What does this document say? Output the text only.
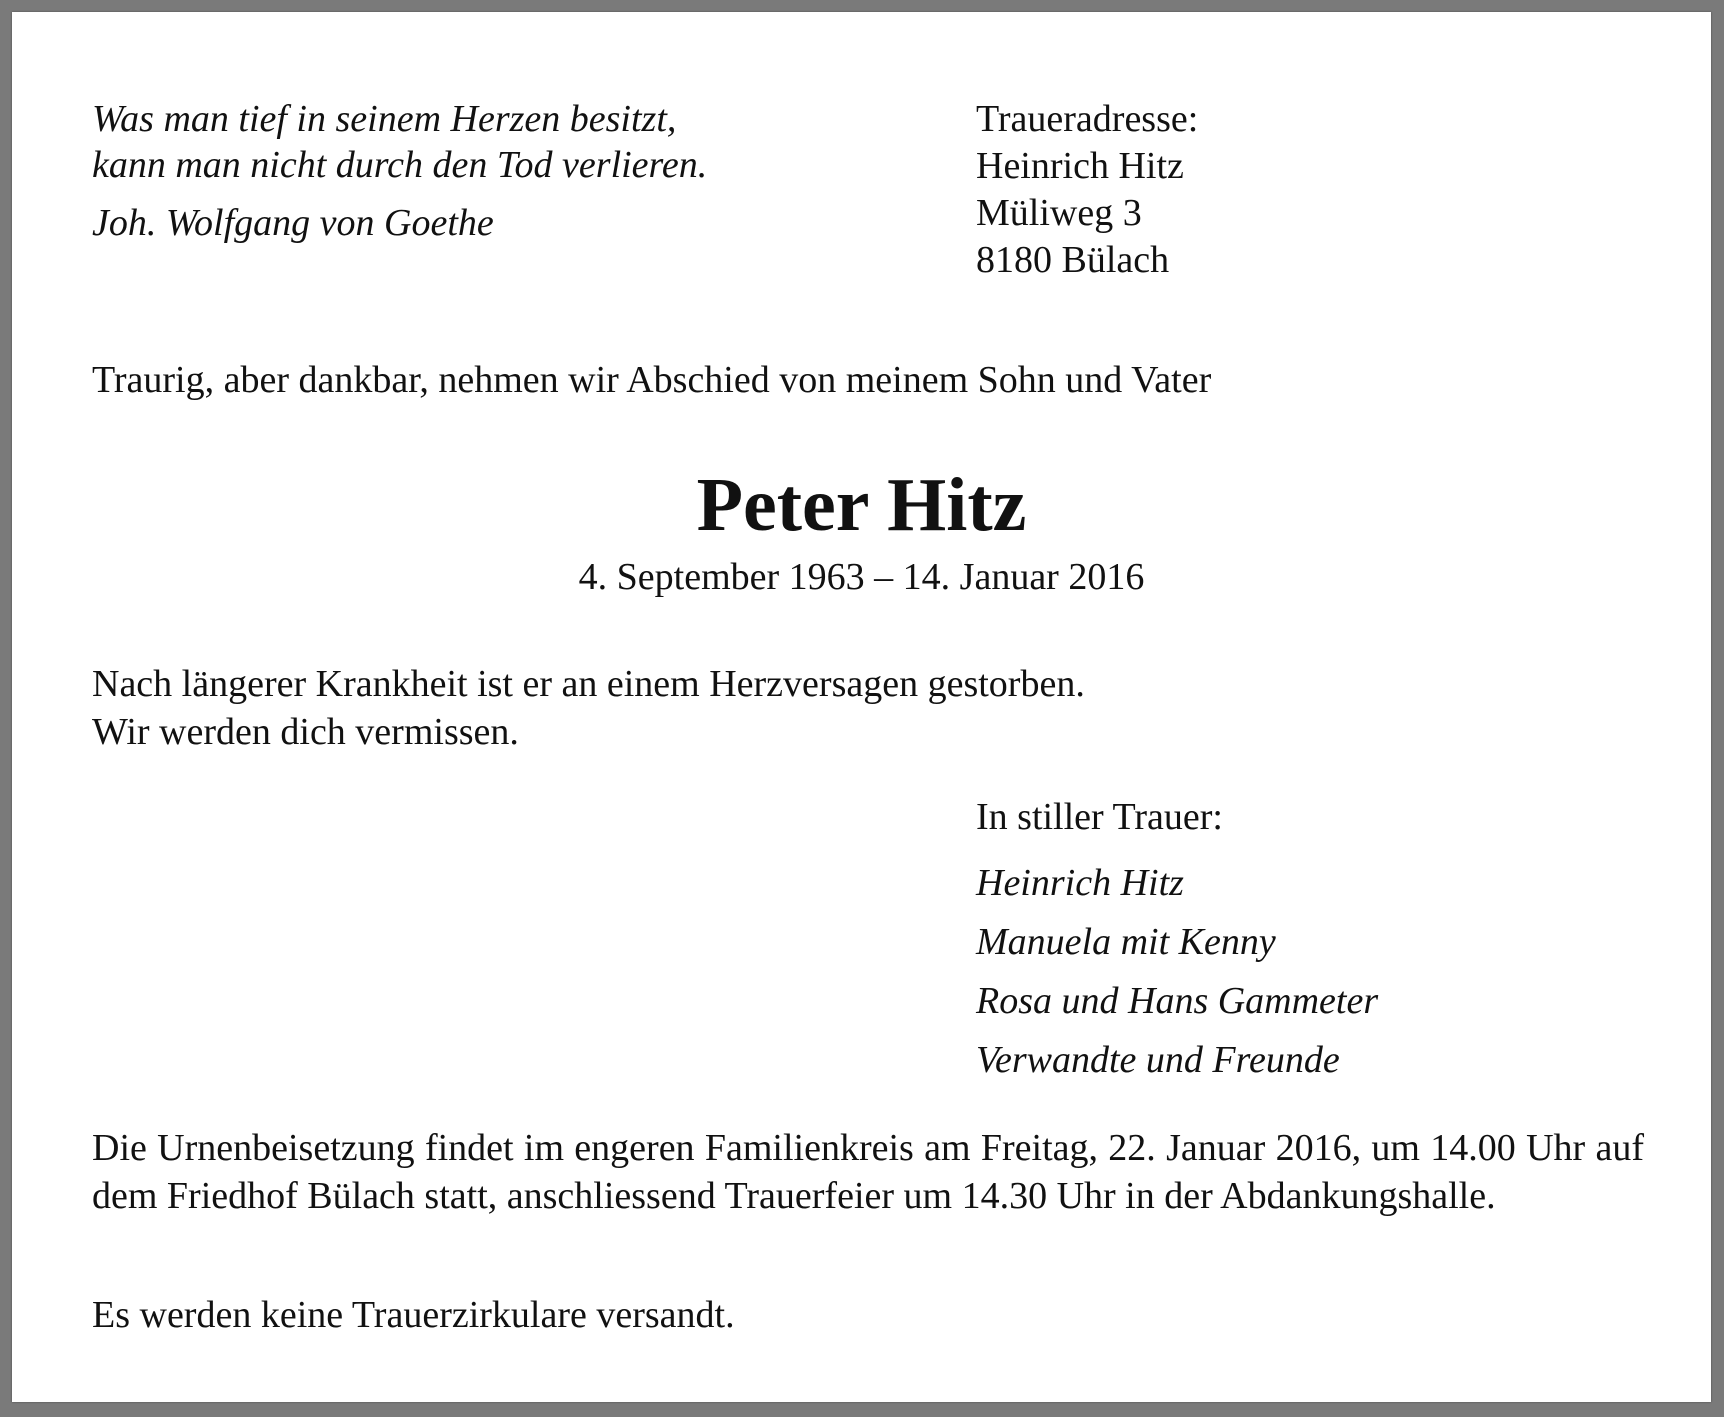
Was man tief in seinem Herzen besitzt,
kann man nicht durch den Tod verlieren.
Joh. Wolfgang von Goethe
Traueradresse:
Heinrich Hitz
Müliweg 3
8180 Bülach
Traurig, aber dankbar, nehmen wir Abschied von meinem Sohn und Vater
Peter Hitz
4. September 1963 – 14. Januar 2016
Nach längerer Krankheit ist er an einem Herzversagen gestorben.
Wir werden dich vermissen.
In stiller Trauer:
Heinrich Hitz
Manuela mit Kenny
Rosa und Hans Gammeter
Verwandte und Freunde
Die Urnenbeisetzung findet im engeren Familienkreis am Freitag, 22. Januar 2016, um 14.00 Uhr auf dem Friedhof Bülach statt, anschliessend Trauerfeier um 14.30 Uhr in der Abdankungshalle.
Es werden keine Trauerzirkulare versandt.
